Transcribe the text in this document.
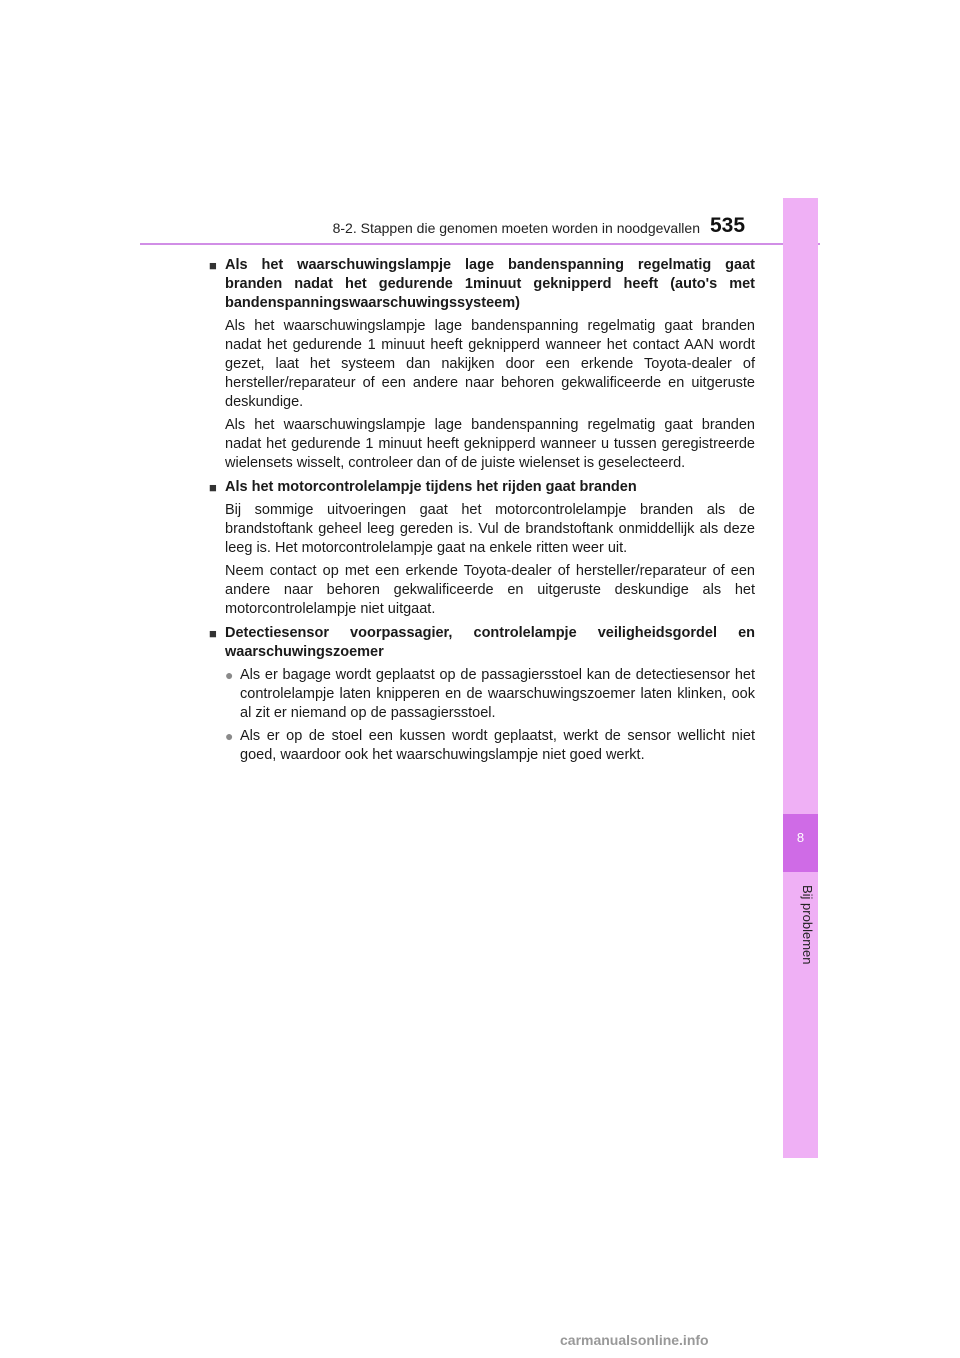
8-2. Stappen die genomen moeten worden in noodgevallen 535
8
Bij problemen
■ Als het waarschuwingslampje lage bandenspanning regelmatig gaat branden nadat het gedurende 1minuut geknipperd heeft (auto's met bandenspanningswaarschuwingssysteem)

Als het waarschuwingslampje lage bandenspanning regelmatig gaat branden nadat het gedurende 1 minuut heeft geknipperd wanneer het contact AAN wordt gezet, laat het systeem dan nakijken door een erkende Toyota-dealer of hersteller/reparateur of een andere naar behoren gekwalificeerde en uitgeruste deskundige.

Als het waarschuwingslampje lage bandenspanning regelmatig gaat branden nadat het gedurende 1 minuut heeft geknipperd wanneer u tussen geregistreerde wielensets wisselt, controleer dan of de juiste wielenset is geselecteerd.

■ Als het motorcontrolelampje tijdens het rijden gaat branden

Bij sommige uitvoeringen gaat het motorcontrolelampje branden als de brandstoftank geheel leeg gereden is. Vul de brandstoftank onmiddellijk als deze leeg is. Het motorcontrolelampje gaat na enkele ritten weer uit.

Neem contact op met een erkende Toyota-dealer of hersteller/reparateur of een andere naar behoren gekwalificeerde en uitgeruste deskundige als het motorcontrolelampje niet uitgaat.

■ Detectiesensor voorpassagier, controlelampje veiligheidsgordel en waarschuwingszoemer
● Als er bagage wordt geplaatst op de passagiersstoel kan de detectiesensor het controlelampje laten knipperen en de waarschuwingszoemer laten klinken, ook al zit er niemand op de passagiersstoel.
● Als er op de stoel een kussen wordt geplaatst, werkt de sensor wellicht niet goed, waardoor ook het waarschuwingslampje niet goed werkt.
carmanualsonline.info
